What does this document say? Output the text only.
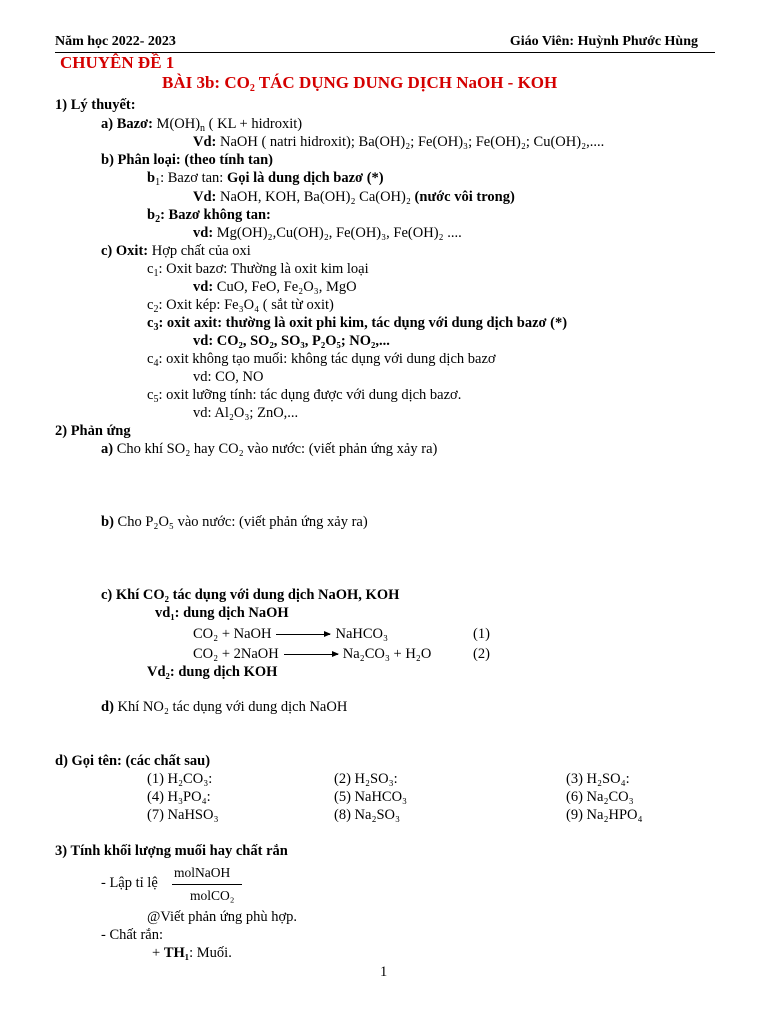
Năm học 2022- 2023	Giáo Viên: Huỳnh Phước Hùng
CHUYÊN ĐỀ 1
BÀI 3b: $CO_2$ TÁC DỤNG DUNG DỊCH NaOH - KOH
1) Lý thuyết:
a) Bazơ: $M(OH)_n$ ( KL + hidroxit)
Vd: NaOH ( natri hidroxit); Ba(OH)₂; Fe(OH)₃; Fe(OH)₂; Cu(OH)₂,....
b) Phân loại: (theo tính tan)
$b_1$: Bazơ tan: Gọi là dung dịch bazơ (*)
Vd: NaOH, KOH, Ba(OH)₂ Ca(OH)₂ (nước vôi trong)
$b_2$: Bazơ không tan:
vd: Mg(OH)₂,Cu(OH)₂, Fe(OH)₃, Fe(OH)₂ ....
c) Oxit: Hợp chất của oxi
$c_1$: Oxit bazơ: Thường là oxit kim loại
vd: CuO, FeO, Fe₂O₃, MgO
$c_2$: Oxit kép: Fe₃O₄ ( sắt từ oxit)
$c_3$: oxit axit: thường là oxit phi kim, tác dụng với dung dịch bazơ (*)
vd: CO₂, SO₂, SO₃, P₂O₅; NO₂,...
$c_4$: oxit không tạo muối: không tác dụng với dung dịch bazơ
vd: CO, NO
$c_5$: oxit lưỡng tính: tác dụng được với dung dịch bazơ.
vd: Al₂O₃; ZnO,...
2) Phản ứng
a) Cho khí SO₂ hay CO₂ vào nước: (viết phản ứng xảy ra)
b) Cho P₂O₅ vào nước: (viết phản ứng xảy ra)
c) Khí CO₂ tác dụng với dung dịch NaOH, KOH
vd₁: dung dịch NaOH
CO₂ + NaOH	NaHCO₃	(1)
CO₂ + 2NaOH	Na₂CO₃ + H₂O	(2)
Vd₂: dung dịch KOH
d) Khí NO₂ tác dụng với dung dịch NaOH
d) Gọi tên: (các chất sau)
(1) H₂CO₃:	(2) H₂SO₃:	(3) H₂SO₄:
(4) H₃PO₄:	(5) NaHCO₃	(6) Na₂CO₃
(7) NaHSO₃	(8) Na₂SO₃	(9) Na₂HPO₄
3) Tính khối lượng muối hay chất rắn
- Lập tỉ lệ
molNaOH
molCO₂
@Viết phản ứng phù hợp.
- Chất rắn:
+ TH₁: Muối.
1
